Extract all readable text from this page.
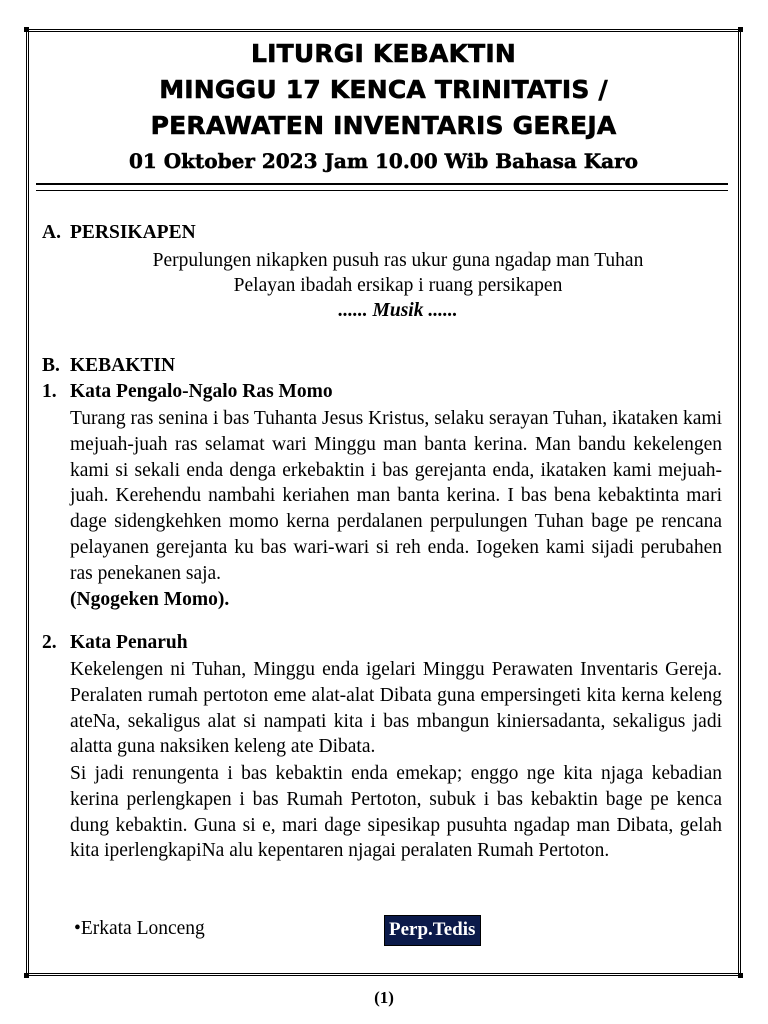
LITURGI KEBAKTIN
MINGGU 17 KENCA TRINITATIS /
PERAWATEN INVENTARIS GEREJA
01 Oktober 2023 Jam 10.00 Wib Bahasa Karo
A. PERSIKAPEN
Perpulungen nikapken pusuh ras ukur guna ngadap man Tuhan
Pelayan ibadah ersikap i ruang persikapen
...... Musik ......
B. KEBAKTIN
1. Kata Pengalo-Ngalo Ras Momo
Turang ras senina i bas Tuhanta Jesus Kristus, selaku serayan Tuhan, ikataken kami mejuah-juah ras selamat wari Minggu man banta kerina. Man bandu kekelengen kami si sekali enda denga erkebaktin i bas gerejanta enda, ikataken kami mejuah-juah. Kerehendu nambahi keriahen man banta kerina. I bas bena kebaktinta mari dage sidengkehken momo kerna perdalanen perpulungen Tuhan bage pe rencana pelayanen gerejanta ku bas wari-wari si reh enda. Iogeken kami sijadi perubahen ras penekanen saja.
(Ngogeken Momo).
2. Kata Penaruh
Kekelengen ni Tuhan, Minggu enda igelari Minggu Perawaten Inventaris Gereja. Peralaten rumah pertoton eme alat-alat Dibata guna empersingeti kita kerna keleng ateNa, sekaligus alat si nampati kita i bas mbangun kiniersadanta, sekaligus jadi alatta guna naksiken keleng ate Dibata.
Si jadi renungenta i bas kebaktin enda emekap; enggo nge kita njaga kebadian kerina perlengkapen i bas Rumah Pertoton, subuk i bas kebaktin bage pe kenca dung kebaktin. Guna si e, mari dage sipesikap pusuhta ngadap man Dibata, gelah kita iperlengkapiNa alu kepentaren njagai peralaten Rumah Pertoton.
•Erkata Lonceng	Perp.Tedis
(1)
